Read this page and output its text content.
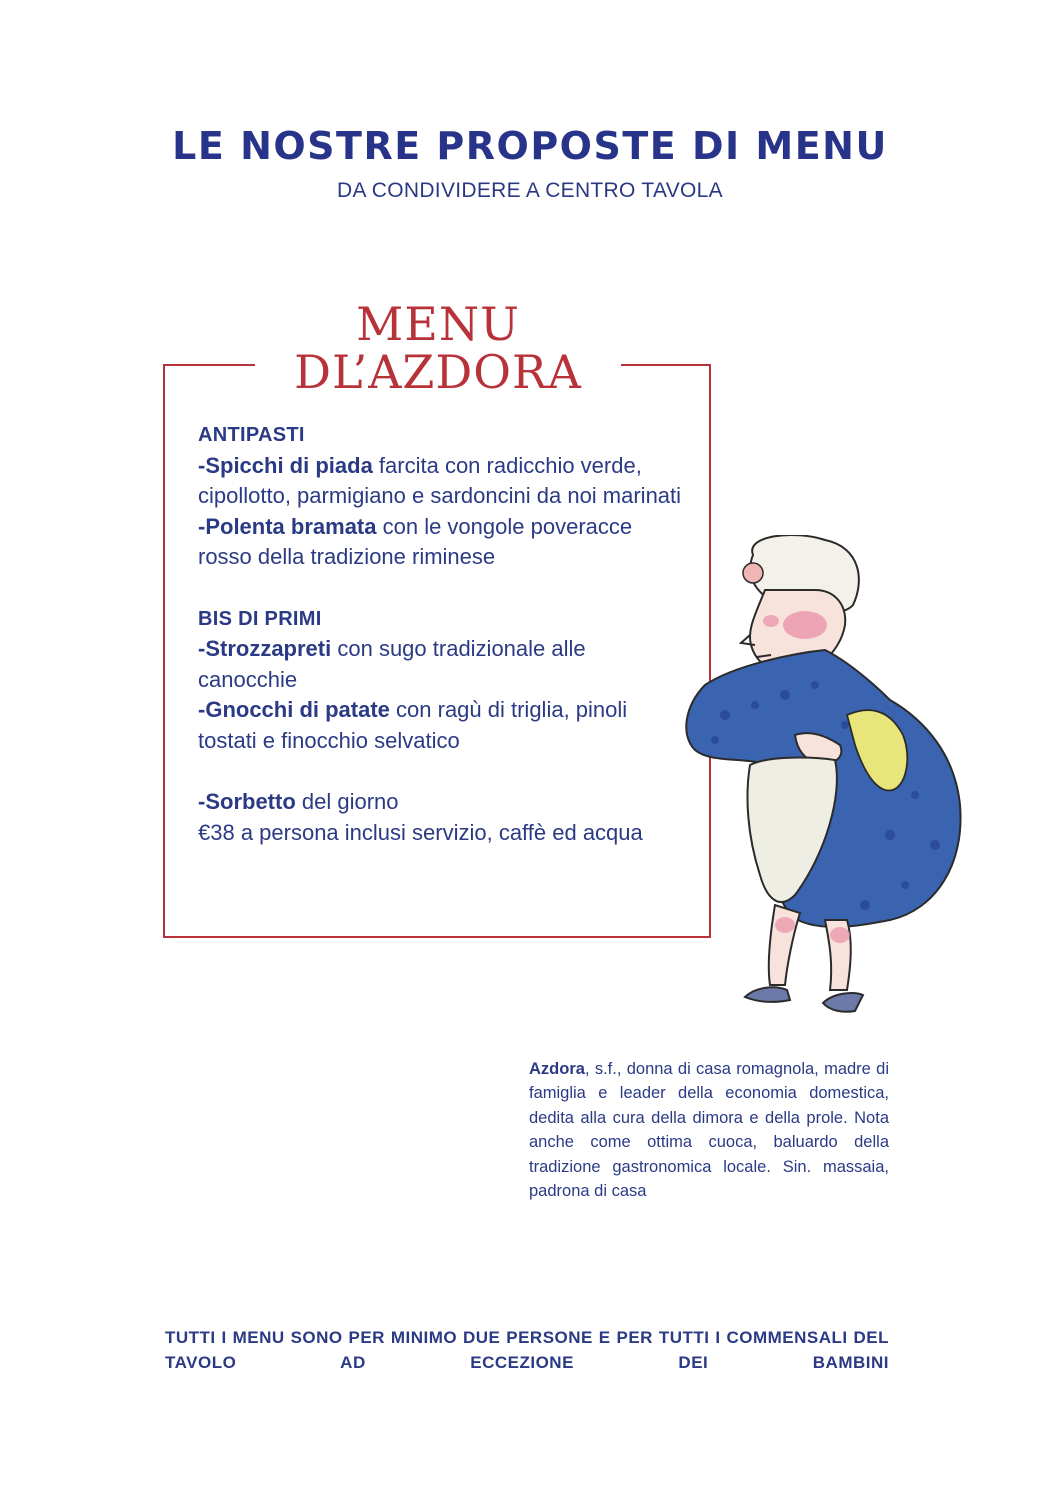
LE NOSTRE PROPOSTE DI MENU
DA CONDIVIDERE A CENTRO TAVOLA
MENU
DL’AZDORA
ANTIPASTI
-Spicchi di piada farcita con radicchio verde, cipollotto, parmigiano e sardoncini da noi marinati
-Polenta bramata con le vongole poveracce rosso della tradizione riminese
BIS DI PRIMI
-Strozzapreti con sugo tradizionale alle canocchie
-Gnocchi di patate con ragù di triglia, pinoli tostati e finocchio selvatico
-Sorbetto del giorno
€38 a persona inclusi servizio, caffè ed acqua
Azdora, s.f., donna di casa romagnola, madre di famiglia e leader della economia domestica, dedita alla cura della dimora e della prole. Nota anche come ottima cuoca, baluardo della tradizione gastronomica locale. Sin. massaia, padrona di casa
TUTTI I MENU SONO PER MINIMO DUE PERSONE E PER TUTTI I COMMENSALI DEL TAVOLO AD ECCEZIONE DEI BAMBINI
